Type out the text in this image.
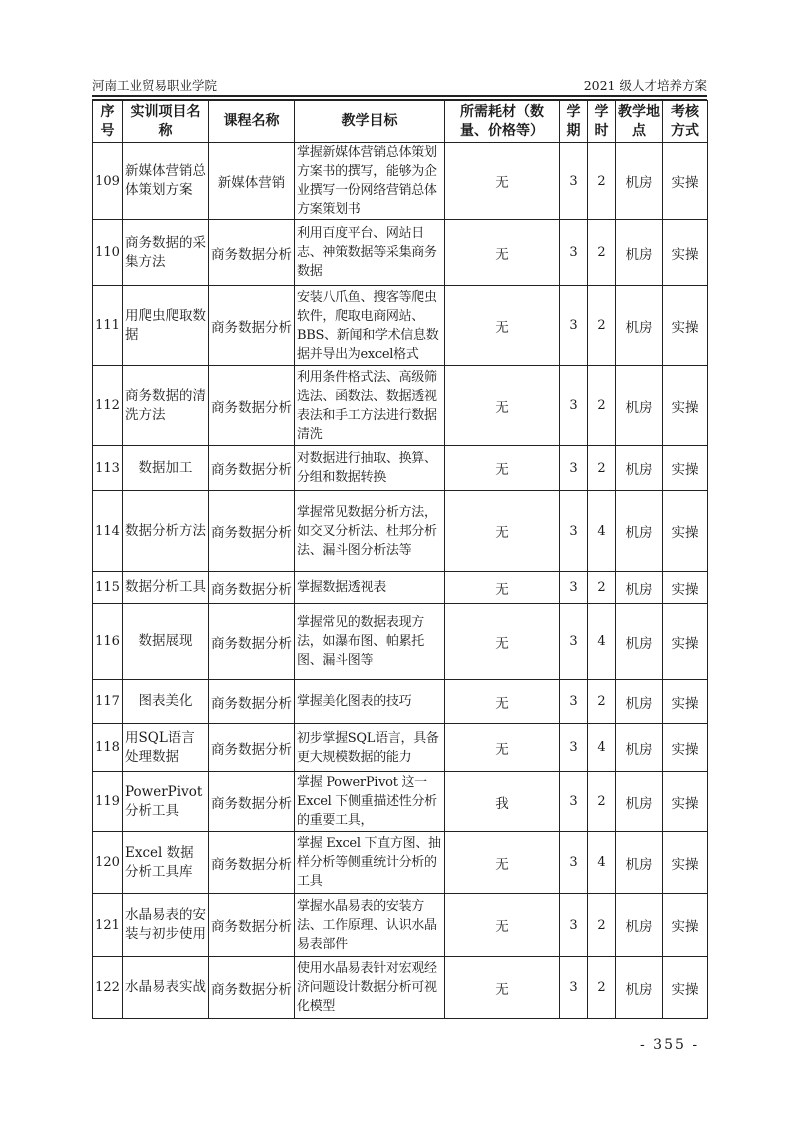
河南工业贸易职业学院	2021 级人才培养方案
序号	实训项目名称	课程名称	教学目标	所需耗材（数量、价格等）	学期	学时	教学地点	考核方式
109	新媒体营销总体策划方案	新媒体营销	掌握新媒体营销总体策划方案书的撰写，能够为企业撰写一份网络营销总体方案策划书	无	3	2	机房	实操
110	商务数据的采集方法	商务数据分析	利用百度平台、网站日志、神策数据等采集商务数据	无	3	2	机房	实操
111	用爬虫爬取数据	商务数据分析	安装八爪鱼、搜客等爬虫软件，爬取电商网站、BBS、新闻和学术信息数据并导出为excel格式	无	3	2	机房	实操
112	商务数据的清洗方法	商务数据分析	利用条件格式法、高级筛选法、函数法、数据透视表法和手工方法进行数据清洗	无	3	2	机房	实操
113	数据加工	商务数据分析	对数据进行抽取、换算、分组和数据转换	无	3	2	机房	实操
114	数据分析方法	商务数据分析	掌握常见数据分析方法，如交叉分析法、杜邦分析法、漏斗图分析法等	无	3	4	机房	实操
115	数据分析工具	商务数据分析	掌握数据透视表	无	3	2	机房	实操
116	数据展现	商务数据分析	掌握常见的数据表现方法，如瀑布图、帕累托图、漏斗图等	无	3	4	机房	实操
117	图表美化	商务数据分析	掌握美化图表的技巧	无	3	2	机房	实操
118	用SQL语言处理数据	商务数据分析	初步掌握SQL语言，具备更大规模数据的能力	无	3	4	机房	实操
119	PowerPivot分析工具	商务数据分析	掌握 PowerPivot 这一Excel 下侧重描述性分析的重要工具，	我	3	2	机房	实操
120	Excel 数据分析工具库	商务数据分析	掌握 Excel 下直方图、抽样分析等侧重统计分析的工具	无	3	4	机房	实操
121	水晶易表的安装与初步使用	商务数据分析	掌握水晶易表的安装方法、工作原理、认识水晶易表部件	无	3	2	机房	实操
122	水晶易表实战	商务数据分析	使用水晶易表针对宏观经济问题设计数据分析可视化模型	无	3	2	机房	实操
- 355 -
